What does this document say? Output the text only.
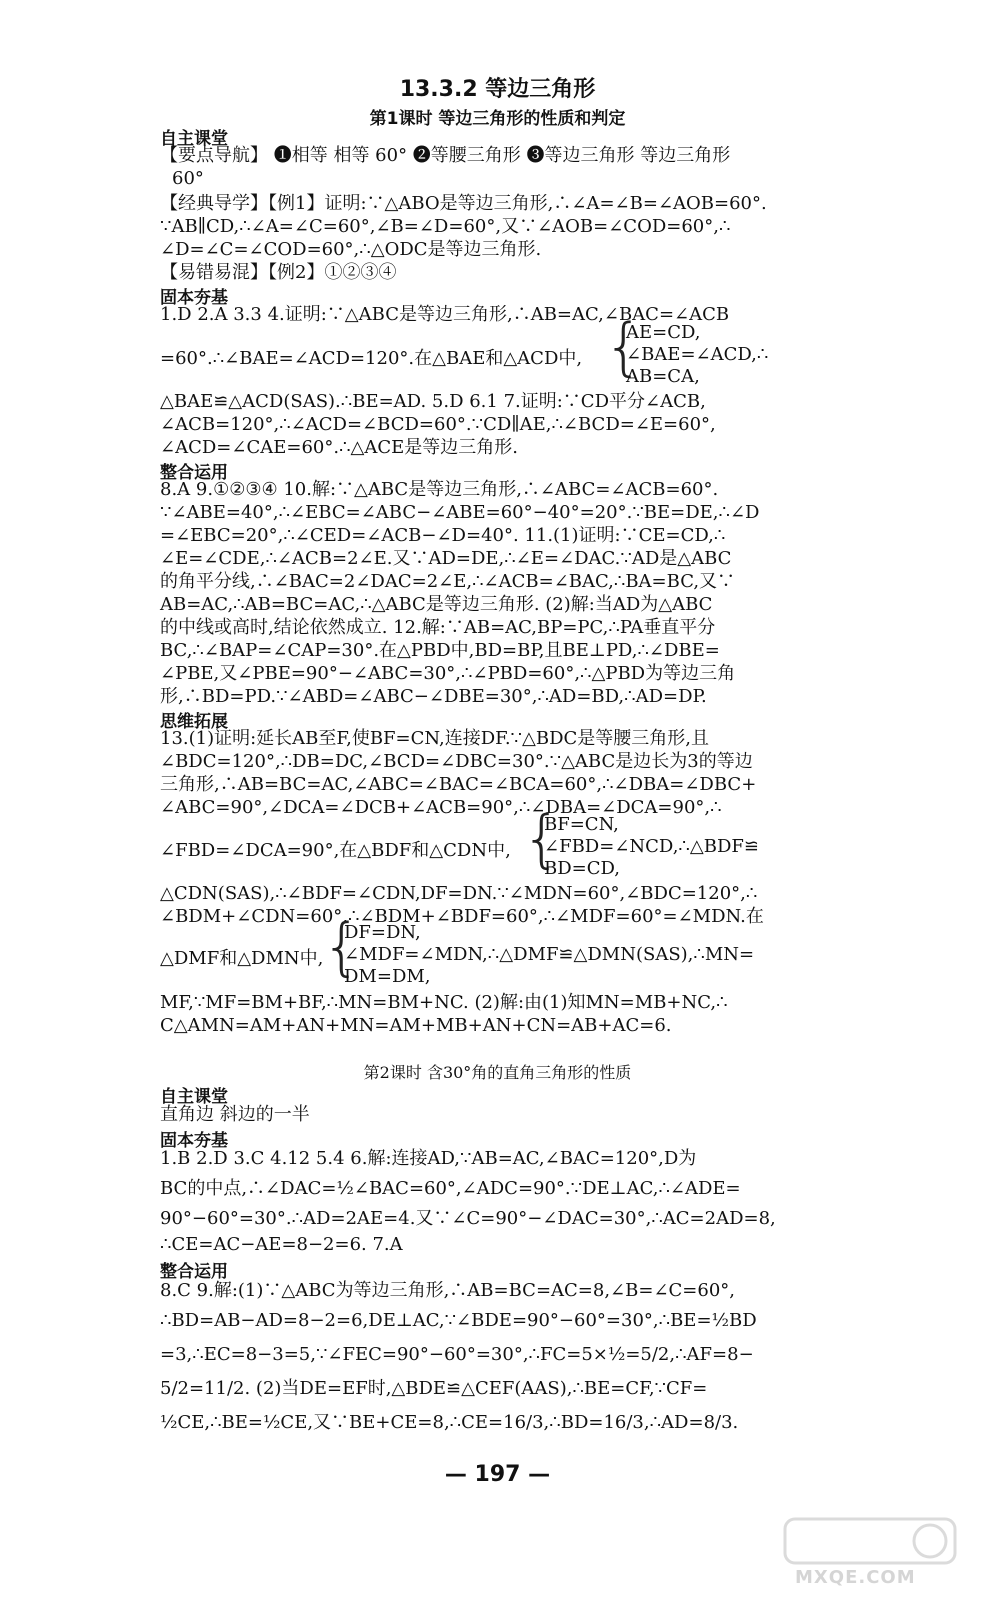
13.3.2 等边三角形
第1课时 等边三角形的性质和判定
自主课堂
【要点导航】 ❶相等 相等 60° ❷等腰三角形 ❸等边三角形 等边三角形
60°
【经典导学】【例1】证明:∵△ABO是等边三角形,∴∠A=∠B=∠AOB=60°.
∵AB∥CD,∴∠A=∠C=60°,∠B=∠D=60°,又∵∠AOB=∠COD=60°,∴
∠D=∠C=∠COD=60°,∴△ODC是等边三角形.
【易错易混】【例2】①②③④
固本夯基
1.D 2.A 3.3 4.证明:∵△ABC是等边三角形,∴AB=AC,∠BAC=∠ACB
=60°.∴∠BAE=∠ACD=120°.在△BAE和△ACD中, {
AE=CD,
∠BAE=∠ACD,∴
AB=CA,
△BAE≌△ACD(SAS).∴BE=AD. 5.D 6.1 7.证明:∵CD平分∠ACB,
∠ACB=120°,∴∠ACD=∠BCD=60°.∵CD∥AE,∴∠BCD=∠E=60°,
∠ACD=∠CAE=60°.∴△ACE是等边三角形.
整合运用
8.A 9.①②③④ 10.解:∵△ABC是等边三角形,∴∠ABC=∠ACB=60°.
∵∠ABE=40°,∴∠EBC=∠ABC−∠ABE=60°−40°=20°.∵BE=DE,∴∠D
=∠EBC=20°,∴∠CED=∠ACB−∠D=40°. 11.(1)证明:∵CE=CD,∴
∠E=∠CDE,∴∠ACB=2∠E.又∵AD=DE,∴∠E=∠DAC.∵AD是△ABC
的角平分线,∴∠BAC=2∠DAC=2∠E,∴∠ACB=∠BAC,∴BA=BC,又∵
AB=AC,∴AB=BC=AC,∴△ABC是等边三角形. (2)解:当AD为△ABC
的中线或高时,结论依然成立. 12.解:∵AB=AC,BP=PC,∴PA垂直平分
BC,∴∠BAP=∠CAP=30°.在△PBD中,BD=BP,且BE⊥PD,∴∠DBE=
∠PBE,又∠PBE=90°−∠ABC=30°,∴∠PBD=60°,∴△PBD为等边三角
形,∴BD=PD.∵∠ABD=∠ABC−∠DBE=30°,∴AD=BD,∴AD=DP.
思维拓展
13.(1)证明:延长AB至F,使BF=CN,连接DF.∵△BDC是等腰三角形,且
∠BDC=120°,∴DB=DC,∠BCD=∠DBC=30°.∵△ABC是边长为3的等边
三角形,∴AB=BC=AC,∠ABC=∠BAC=∠BCA=60°,∴∠DBA=∠DBC+
∠ABC=90°,∠DCA=∠DCB+∠ACB=90°,∴∠DBA=∠DCA=90°,∴
∠FBD=∠DCA=90°,在△BDF和△CDN中, {
BF=CN,
∠FBD=∠NCD,∴△BDF≌
BD=CD,
△CDN(SAS),∴∠BDF=∠CDN,DF=DN.∵∠MDN=60°,∠BDC=120°,∴
∠BDM+∠CDN=60°,∴∠BDM+∠BDF=60°,∴∠MDF=60°=∠MDN.在
△DMF和△DMN中,
{
DF=DN,
∠MDF=∠MDN,∴△DMF≌△DMN(SAS),∴MN=
DM=DM,
MF,∵MF=BM+BF,∴MN=BM+NC. (2)解:由(1)知MN=MB+NC,∴
C△AMN=AM+AN+MN=AM+MB+AN+CN=AB+AC=6.
第2课时 含30°角的直角三角形的性质
自主课堂
直角边 斜边的一半
固本夯基
1.B 2.D 3.C 4.12 5.4 6.解:连接AD,∵AB=AC,∠BAC=120°,D为
BC的中点,∴∠DAC=½∠BAC=60°,∠ADC=90°.∵DE⊥AC,∴∠ADE=
90°−60°=30°.∴AD=2AE=4.又∵∠C=90°−∠DAC=30°,∴AC=2AD=8,
∴CE=AC−AE=8−2=6. 7.A
整合运用
8.C 9.解:(1)∵△ABC为等边三角形,∴AB=BC=AC=8,∠B=∠C=60°,
∴BD=AB−AD=8−2=6,DE⊥AC,∵∠BDE=90°−60°=30°,∴BE=½BD
=3,∴EC=8−3=5,∵∠FEC=90°−60°=30°,∴FC=5×½=5/2,∴AF=8−
5/2=11/2. (2)当DE=EF时,△BDE≌△CEF(AAS),∴BE=CF,∵CF=
½CE,∴BE=½CE,又∵BE+CE=8,∴CE=16/3,∴BD=16/3,∴AD=8/3.
— 197 —
MXQE.COM
